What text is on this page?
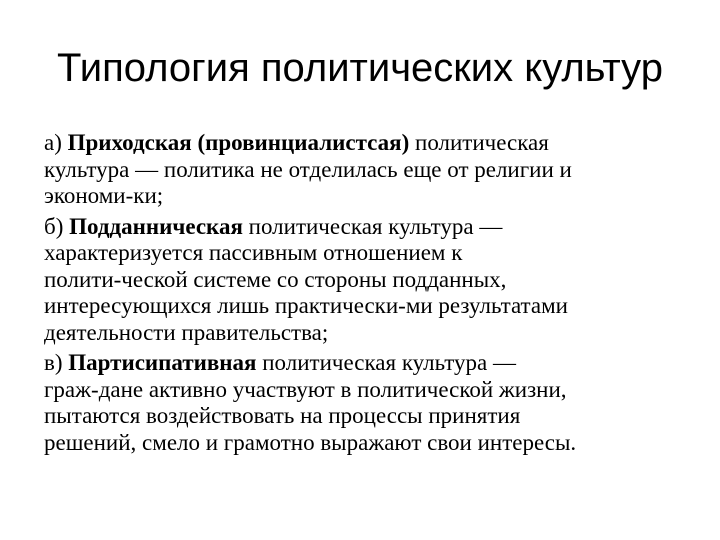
Типология политических культур
а) Приходская (провинциалистсая) политическая
культура — политика не отделилась еще от религии и
экономи-ки;
б) Подданническая политическая культура —
характеризуется пассивным отношением к
полити-ческой системе со стороны подданных,
интересующихся лишь практически-ми результатами
деятельности правительства;
в) Партисипативная политическая культура —
граж-дане активно участвуют в политической жизни,
пытаются воздействовать на процессы принятия
решений, смело и грамотно выражают свои интересы.
